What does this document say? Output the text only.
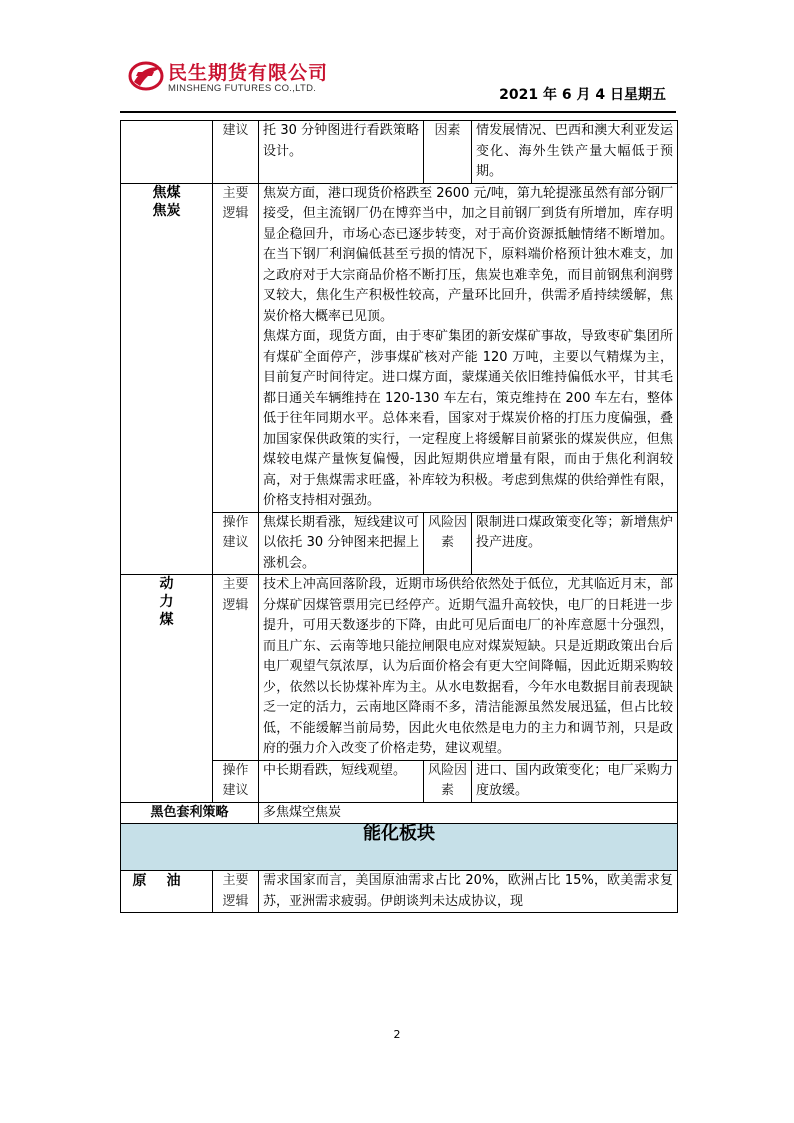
民生期货有限公司
MINSHENG FUTURES CO.,LTD.	2021 年 6 月 4 日星期五
	建议	托 30 分钟图进行看跌策略设计。	因素	情发展情况、巴西和澳大利亚发运变化、海外生铁产量大幅低于预期。
焦煤 焦炭	主要逻辑	焦炭方面，港口现货价格跌至 2600 元/吨，第九轮提涨虽然有部分钢厂接受，但主流钢厂仍在博弈当中，加之目前钢厂到货有所增加，库存明显企稳回升，市场心态已逐步转变，对于高价资源抵触情绪不断增加。在当下钢厂利润偏低甚至亏损的情况下，原料端价格预计独木难支，加之政府对于大宗商品价格不断打压，焦炭也难幸免，而目前钢焦利润劈叉较大，焦化生产积极性较高，产量环比回升，供需矛盾持续缓解，焦炭价格大概率已见顶。
焦煤方面，现货方面，由于枣矿集团的新安煤矿事故，导致枣矿集团所有煤矿全面停产，涉事煤矿核对产能 120 万吨，主要以气精煤为主，目前复产时间待定。进口煤方面，蒙煤通关依旧维持偏低水平，甘其毛都日通关车辆维持在 120-130 车左右，策克维持在 200 车左右，整体低于往年同期水平。总体来看，国家对于煤炭价格的打压力度偏强，叠加国家保供政策的实行，一定程度上将缓解目前紧张的煤炭供应，但焦煤较电煤产量恢复偏慢，因此短期供应增量有限，而由于焦化利润较高，对于焦煤需求旺盛，补库较为积极。考虑到焦煤的供给弹性有限，价格支持相对强劲。		

	操作建议	焦煤长期看涨，短线建议可以依托 30 分钟图来把握上涨机会。	风险因素	限制进口煤政策变化等；新增焦炉投产进度。
动力煤	主要逻辑	技术上冲高回落阶段，近期市场供给依然处于低位，尤其临近月末，部分煤矿因煤管票用完已经停产。近期气温升高较快，电厂的日耗进一步提升，可用天数逐步的下降，由此可见后面电厂的补库意愿十分强烈，而且广东、云南等地只能拉闸限电应对煤炭短缺。只是近期政策出台后电厂观望气氛浓厚，认为后面价格会有更大空间降幅，因此近期采购较少，依然以长协煤补库为主。从水电数据看，今年水电数据目前表现缺乏一定的活力，云南地区降雨不多，清洁能源虽然发展迅猛，但占比较低，不能缓解当前局势，因此火电依然是电力的主力和调节剂，只是政府的强力介入改变了价格走势，建议观望。		
	操作建议	中长期看跌，短线观望。	风险因素	进口、国内政策变化；电厂采购力度放缓。
黑色套利策略		多焦煤空焦炭		
能化板块				
原油	主要逻辑	需求国家而言，美国原油需求占比 20%，欧洲占比 15%，欧美需求复苏，亚洲需求疲弱。伊朗谈判未达成协议，现		
2
